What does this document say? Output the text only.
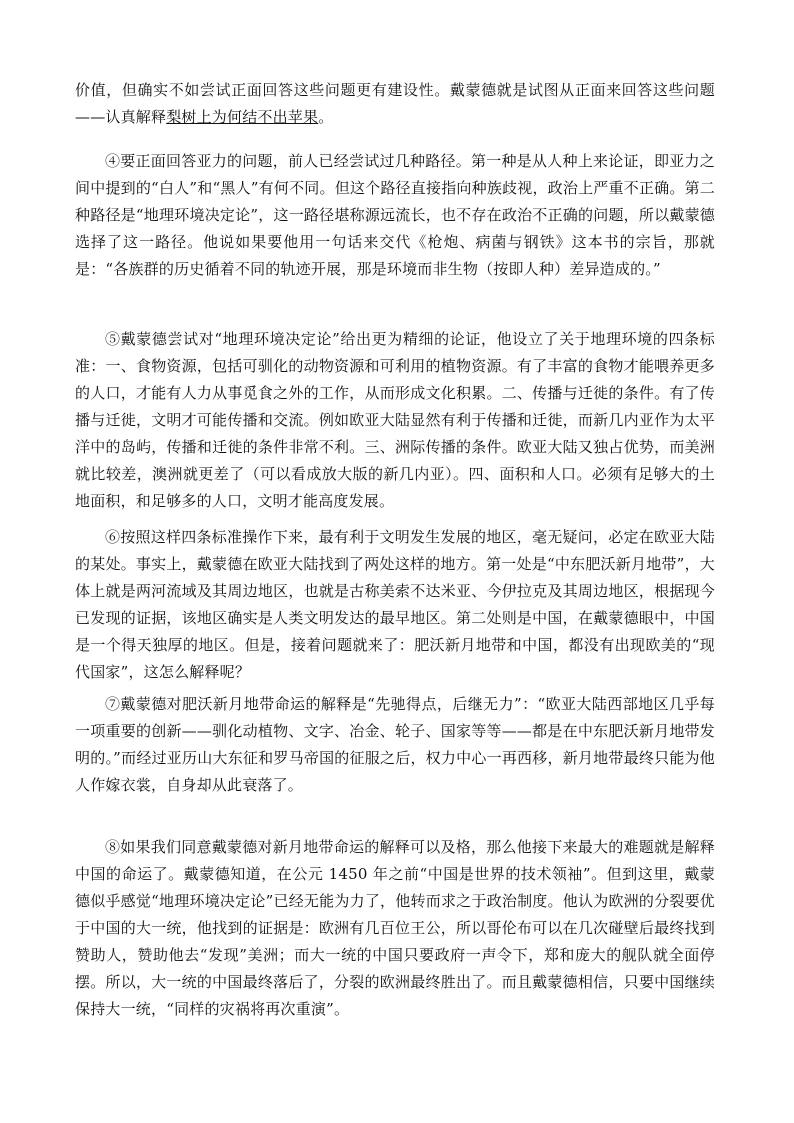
价值，但确实不如尝试正面回答这些问题更有建设性。戴蒙德就是试图从正面来回答这些问题——认真解释梨树上为何结不出苹果。

④要正面回答亚力的问题，前人已经尝试过几种路径。第一种是从人种上来论证，即亚力之间中提到的“白人”和“黑人”有何不同。但这个路径直接指向种族歧视，政治上严重不正确。第二种路径是“地理环境决定论”，这一路径堪称源远流长，也不存在政治不正确的问题，所以戴蒙德选择了这一路径。他说如果要他用一句话来交代《枪炮、病菌与钢铁》这本书的宗旨，那就是：“各族群的历史循着不同的轨迹开展，那是环境而非生物（按即人种）差异造成的。”

⑤戴蒙德尝试对“地理环境决定论”给出更为精细的论证，他设立了关于地理环境的四条标准：一、食物资源，包括可驯化的动物资源和可利用的植物资源。有了丰富的食物才能喂养更多的人口，才能有人力从事觅食之外的工作，从而形成文化积累。二、传播与迁徙的条件。有了传播与迁徙，文明才可能传播和交流。例如欧亚大陆显然有利于传播和迁徙，而新几内亚作为太平洋中的岛屿，传播和迁徙的条件非常不利。三、洲际传播的条件。欧亚大陆又独占优势，而美洲就比较差，澳洲就更差了（可以看成放大版的新几内亚）。四、面积和人口。必须有足够大的土地面积，和足够多的人口，文明才能高度发展。

⑥按照这样四条标准操作下来，最有利于文明发生发展的地区，毫无疑问，必定在欧亚大陆的某处。事实上，戴蒙德在欧亚大陆找到了两处这样的地方。第一处是“中东肥沃新月地带”，大体上就是两河流域及其周边地区，也就是古称美索不达米亚、今伊拉克及其周边地区，根据现今已发现的证据，该地区确实是人类文明发达的最早地区。第二处则是中国，在戴蒙德眼中，中国是一个得天独厚的地区。但是，接着问题就来了：肥沃新月地带和中国，都没有出现欧美的“现代国家”，这怎么解释呢？

⑦戴蒙德对肥沃新月地带命运的解释是“先驰得点，后继无力”：“欧亚大陆西部地区几乎每一项重要的创新——驯化动植物、文字、冶金、轮子、国家等等——都是在中东肥沃新月地带发明的。”而经过亚历山大东征和罗马帝国的征服之后，权力中心一再西移，新月地带最终只能为他人作嫁衣裳，自身却从此衰落了。

⑧如果我们同意戴蒙德对新月地带命运的解释可以及格，那么他接下来最大的难题就是解释中国的命运了。戴蒙德知道，在公元 1450 年之前“中国是世界的技术领袖”。但到这里，戴蒙德似乎感觉“地理环境决定论”已经无能为力了，他转而求之于政治制度。他认为欧洲的分裂要优于中国的大一统，他找到的证据是：欧洲有几百位王公，所以哥伦布可以在几次碰壁后最终找到赞助人，赞助他去“发现”美洲；而大一统的中国只要政府一声令下，郑和庞大的舰队就全面停摆。所以，大一统的中国最终落后了，分裂的欧洲最终胜出了。而且戴蒙德相信，只要中国继续保持大一统，“同样的灾祸将再次重演”。
